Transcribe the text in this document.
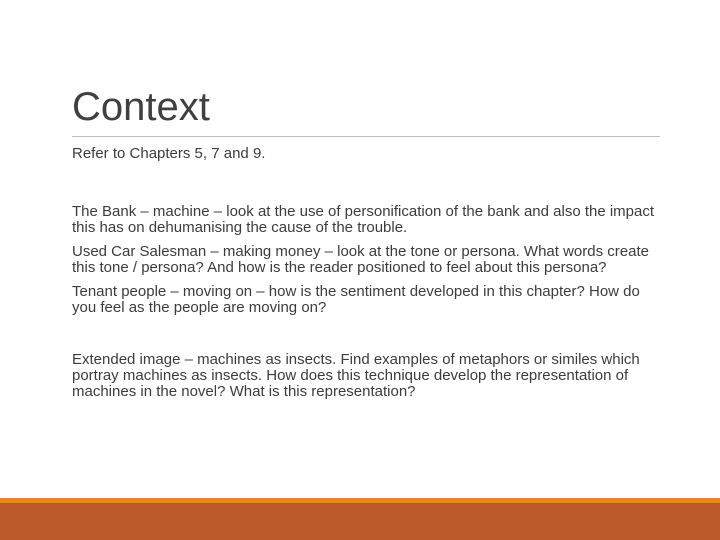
Context

Refer to Chapters 5, 7 and 9.

The Bank – machine – look at the use of personification of the bank and also the impact this has on dehumanising the cause of the trouble.

Used Car Salesman – making money – look at the tone or persona. What words create this tone / persona? And how is the reader positioned to feel about this persona?

Tenant people – moving on – how is the sentiment developed in this chapter? How do you feel as the people are moving on?

Extended image – machines as insects. Find examples of metaphors or similes which portray machines as insects. How does this technique develop the representation of machines in the novel? What is this representation?
